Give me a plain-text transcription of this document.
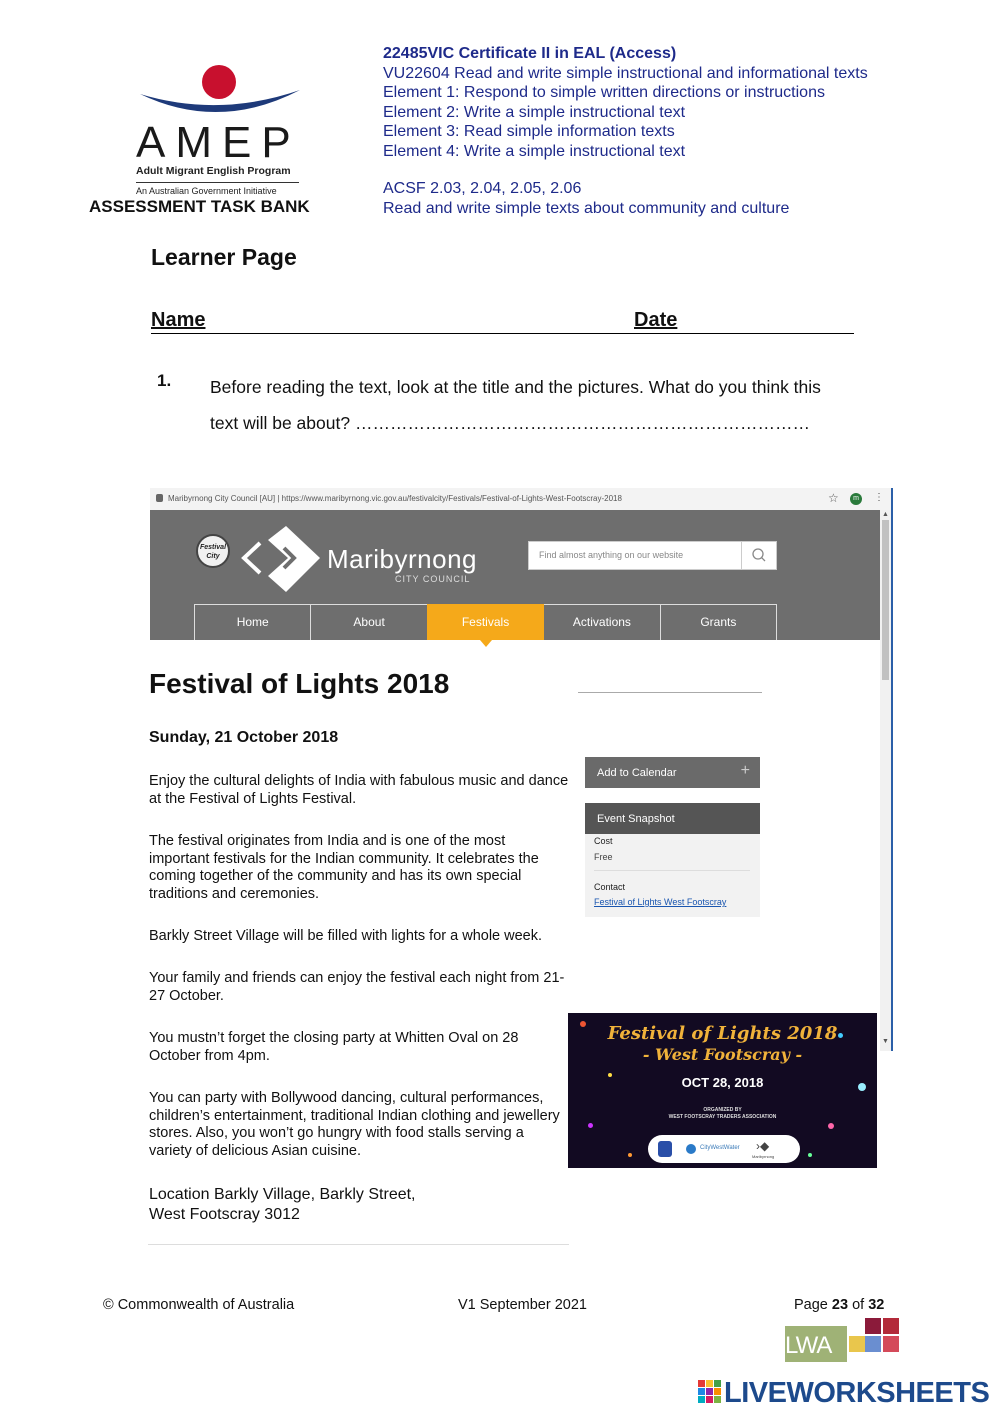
AMEP
Adult Migrant English Program
An Australian Government Initiative
ASSESSMENT TASK BANK
22485VIC Certificate II in EAL (Access)
VU22604 Read and write simple instructional and informational texts
Element 1: Respond to simple written directions or instructions
Element 2: Write a simple instructional text
Element 3: Read simple information texts
Element 4: Write a simple instructional text
ACSF 2.03, 2.04, 2.05, 2.06
Read and write simple texts about community and culture
Learner Page
Name	Date
1. Before reading the text, look at the title and the pictures. What do you think this
text will be about? ……………………………………………………………………
Maribyrnong City Council [AU] | https://www.maribyrnong.vic.gov.au/festivalcity/Festivals/Festival-of-Lights-West-Footscray-2018	☆	m	⋮
Festival City	Maribyrnong
CITY COUNCIL
Find almost anything on our website
Home	About	Festivals	Activations	Grants
▲
▼
Festival of Lights 2018
Sunday, 21 October 2018
Enjoy the cultural delights of India with fabulous music and dance at the Festival of Lights Festival.
The festival originates from India and is one of the most important festivals for the Indian community. It celebrates the coming together of the community and has its own special traditions and ceremonies.
Barkly Street Village will be filled with lights for a whole week.
Your family and friends can enjoy the festival each night from 21-27 October.
You mustn’t forget the closing party at Whitten Oval on 28 October from 4pm.
You can party with Bollywood dancing, cultural performances, children’s entertainment, traditional Indian clothing and jewellery stores. Also, you won’t go hungry with food stalls serving a variety of delicious Asian cuisine.
Location Barkly Village, Barkly Street,
West Footscray 3012
Add to Calendar	+
Event Snapshot
Cost
Free
Contact
Festival of Lights West Footscray
Festival of Lights 2018
- West Footscray -
OCT 28, 2018
ORGANIZED BY
WEST FOOTSCRAY TRADERS ASSOCIATION
CityWestWater ›◆
Maribyrnong
© Commonwealth of Australia	V1 September 2021	Page 23 of 32
LWA
LIVEWORKSHEETS
